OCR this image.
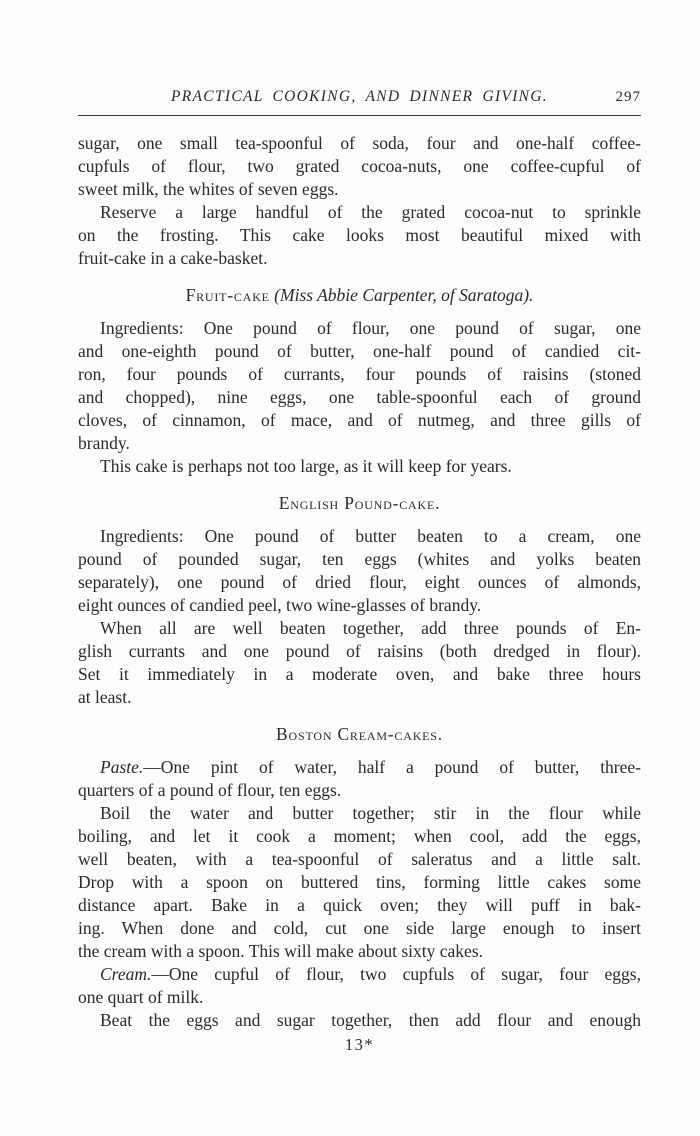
PRACTICAL COOKING, AND DINNER GIVING.	297
sugar, one small tea-spoonful of soda, four and one-half coffee-
cupfuls of flour, two grated cocoa-nuts, one coffee-cupful of
sweet milk, the whites of seven eggs.
Reserve a large handful of the grated cocoa-nut to sprinkle
on the frosting. This cake looks most beautiful mixed with
fruit-cake in a cake-basket.
Fruit-cake (Miss Abbie Carpenter, of Saratoga).
Ingredients: One pound of flour, one pound of sugar, one
and one-eighth pound of butter, one-half pound of candied cit-
ron, four pounds of currants, four pounds of raisins (stoned
and chopped), nine eggs, one table-spoonful each of ground
cloves, of cinnamon, of mace, and of nutmeg, and three gills of
brandy.
This cake is perhaps not too large, as it will keep for years.
English Pound-cake.
Ingredients: One pound of butter beaten to a cream, one
pound of pounded sugar, ten eggs (whites and yolks beaten
separately), one pound of dried flour, eight ounces of almonds,
eight ounces of candied peel, two wine-glasses of brandy.
When all are well beaten together, add three pounds of En-
glish currants and one pound of raisins (both dredged in flour).
Set it immediately in a moderate oven, and bake three hours
at least.
Boston Cream-cakes.
Paste.—One pint of water, half a pound of butter, three-
quarters of a pound of flour, ten eggs.
Boil the water and butter together; stir in the flour while
boiling, and let it cook a moment; when cool, add the eggs,
well beaten, with a tea-spoonful of saleratus and a little salt.
Drop with a spoon on buttered tins, forming little cakes some
distance apart. Bake in a quick oven; they will puff in bak-
ing. When done and cold, cut one side large enough to insert
the cream with a spoon. This will make about sixty cakes.
Cream.—One cupful of flour, two cupfuls of sugar, four eggs,
one quart of milk.
Beat the eggs and sugar together, then add flour and enough
13*
